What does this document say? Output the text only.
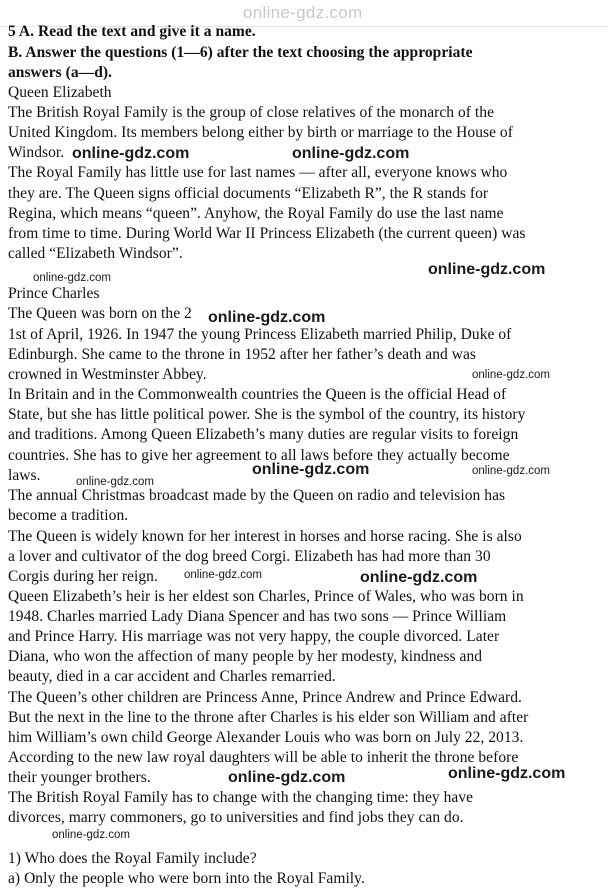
online-gdz.com
5 A. Read the text and give it a name.
B. Answer the questions (1—6) after the text choosing the appropriate
answers (a—d).
Queen Elizabeth
The British Royal Family is the group of close relatives of the monarch of the
United Kingdom. Its members belong either by birth or marriage to the House of
Windsor.
The Royal Family has little use for last names — after all, everyone knows who
they are. The Queen signs official documents “Elizabeth R”, the R stands for
Regina, which means “queen”. Anyhow, the Royal Family do use the last name
from time to time. During World War II Princess Elizabeth (the current queen) was
called “Elizabeth Windsor”.
Prince Charles
The Queen was born on the 2
1st of April, 1926. In 1947 the young Princess Elizabeth married Philip, Duke of
Edinburgh. She came to the throne in 1952 after her father’s death and was
crowned in Westminster Abbey.
In Britain and in the Commonwealth countries the Queen is the official Head of
State, but she has little political power. She is the symbol of the country, its history
and traditions. Among Queen Elizabeth’s many duties are regular visits to foreign
countries. She has to give her agreement to all laws before they actually become
laws.
The annual Christmas broadcast made by the Queen on radio and television has
become a tradition.
The Queen is widely known for her interest in horses and horse racing. She is also
a lover and cultivator of the dog breed Corgi. Elizabeth has had more than 30
Corgis during her reign.
Queen Elizabeth’s heir is her eldest son Charles, Prince of Wales, who was born in
1948. Charles married Lady Diana Spencer and has two sons — Prince William
and Prince Harry. His marriage was not very happy, the couple divorced. Later
Diana, who won the affection of many people by her modesty, kindness and
beauty, died in a car accident and Charles remarried.
The Queen’s other children are Princess Anne, Prince Andrew and Prince Edward.
But the next in the line to the throne after Charles is his elder son William and after
him William’s own child George Alexander Louis who was born on July 22, 2013.
According to the new law royal daughters will be able to inherit the throne before
their younger brothers.
The British Royal Family has to change with the changing time: they have
divorces, marry commoners, go to universities and find jobs they can do.
1) Who does the Royal Family include?
a) Only the people who were born into the Royal Family.
online-gdz.com	online-gdz.com
online-gdz.com
online-gdz.com
online-gdz.com
online-gdz.com
online-gdz.com	online-gdz.com
online-gdz.com
online-gdz.com	online-gdz.com
online-gdz.com	online-gdz.com
online-gdz.com
